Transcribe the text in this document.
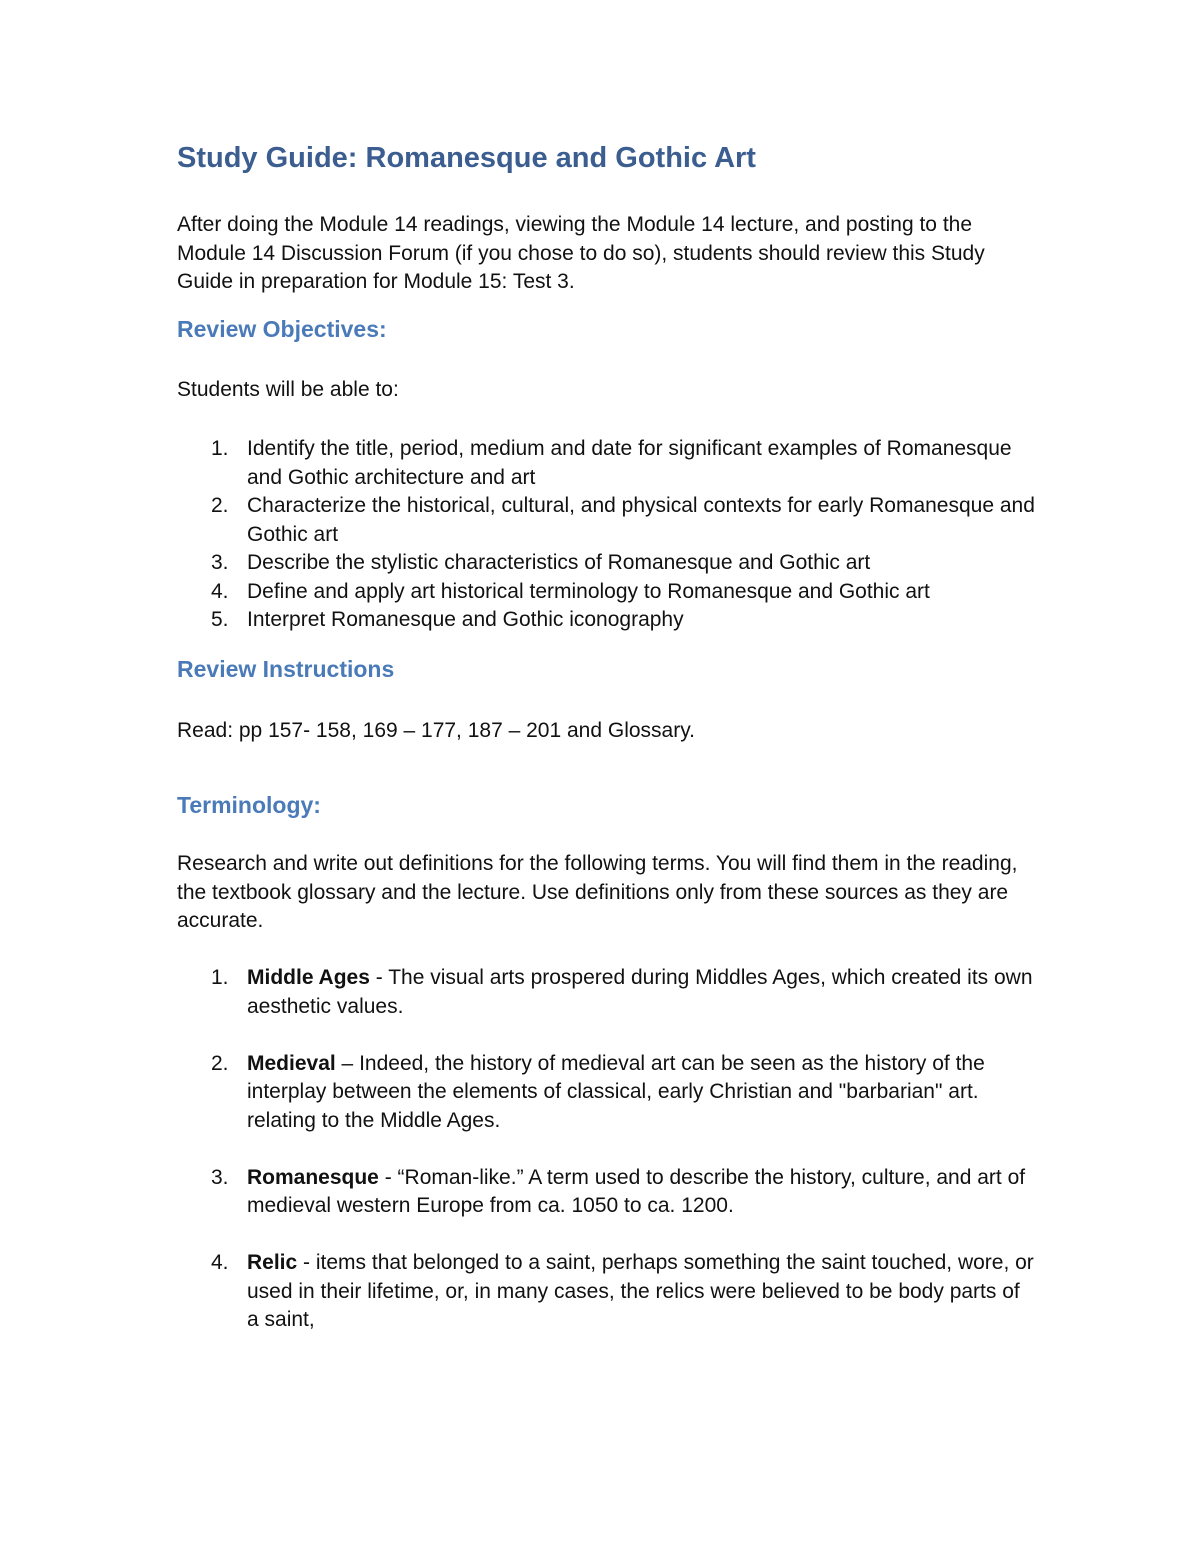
Study Guide: Romanesque and Gothic Art

After doing the Module 14 readings, viewing the Module 14 lecture, and posting to the Module 14 Discussion Forum (if you chose to do so), students should review this Study Guide in preparation for Module 15: Test 3.

Review Objectives:

Students will be able to:

1. Identify the title, period, medium and date for significant examples of Romanesque and Gothic architecture and art
2. Characterize the historical, cultural, and physical contexts for early Romanesque and Gothic art
3. Describe the stylistic characteristics of Romanesque and Gothic art
4. Define and apply art historical terminology to Romanesque and Gothic art
5. Interpret Romanesque and Gothic iconography
Review Instructions

Read: pp 157- 158, 169 – 177, 187 – 201 and Glossary.

Terminology:

Research and write out definitions for the following terms. You will find them in the reading, the textbook glossary and the lecture. Use definitions only from these sources as they are accurate.

1. Middle Ages - The visual arts prospered during Middles Ages, which created its own aesthetic values.
2. Medieval – Indeed, the history of medieval art can be seen as the history of the interplay between the elements of classical, early Christian and "barbarian" art. relating to the Middle Ages.
3. Romanesque - “Roman-like.” A term used to describe the history, culture, and art of medieval western Europe from ca. 1050 to ca. 1200.
4. Relic - items that belonged to a saint, perhaps something the saint touched, wore, or used in their lifetime, or, in many cases, the relics were believed to be body parts of a saint,
